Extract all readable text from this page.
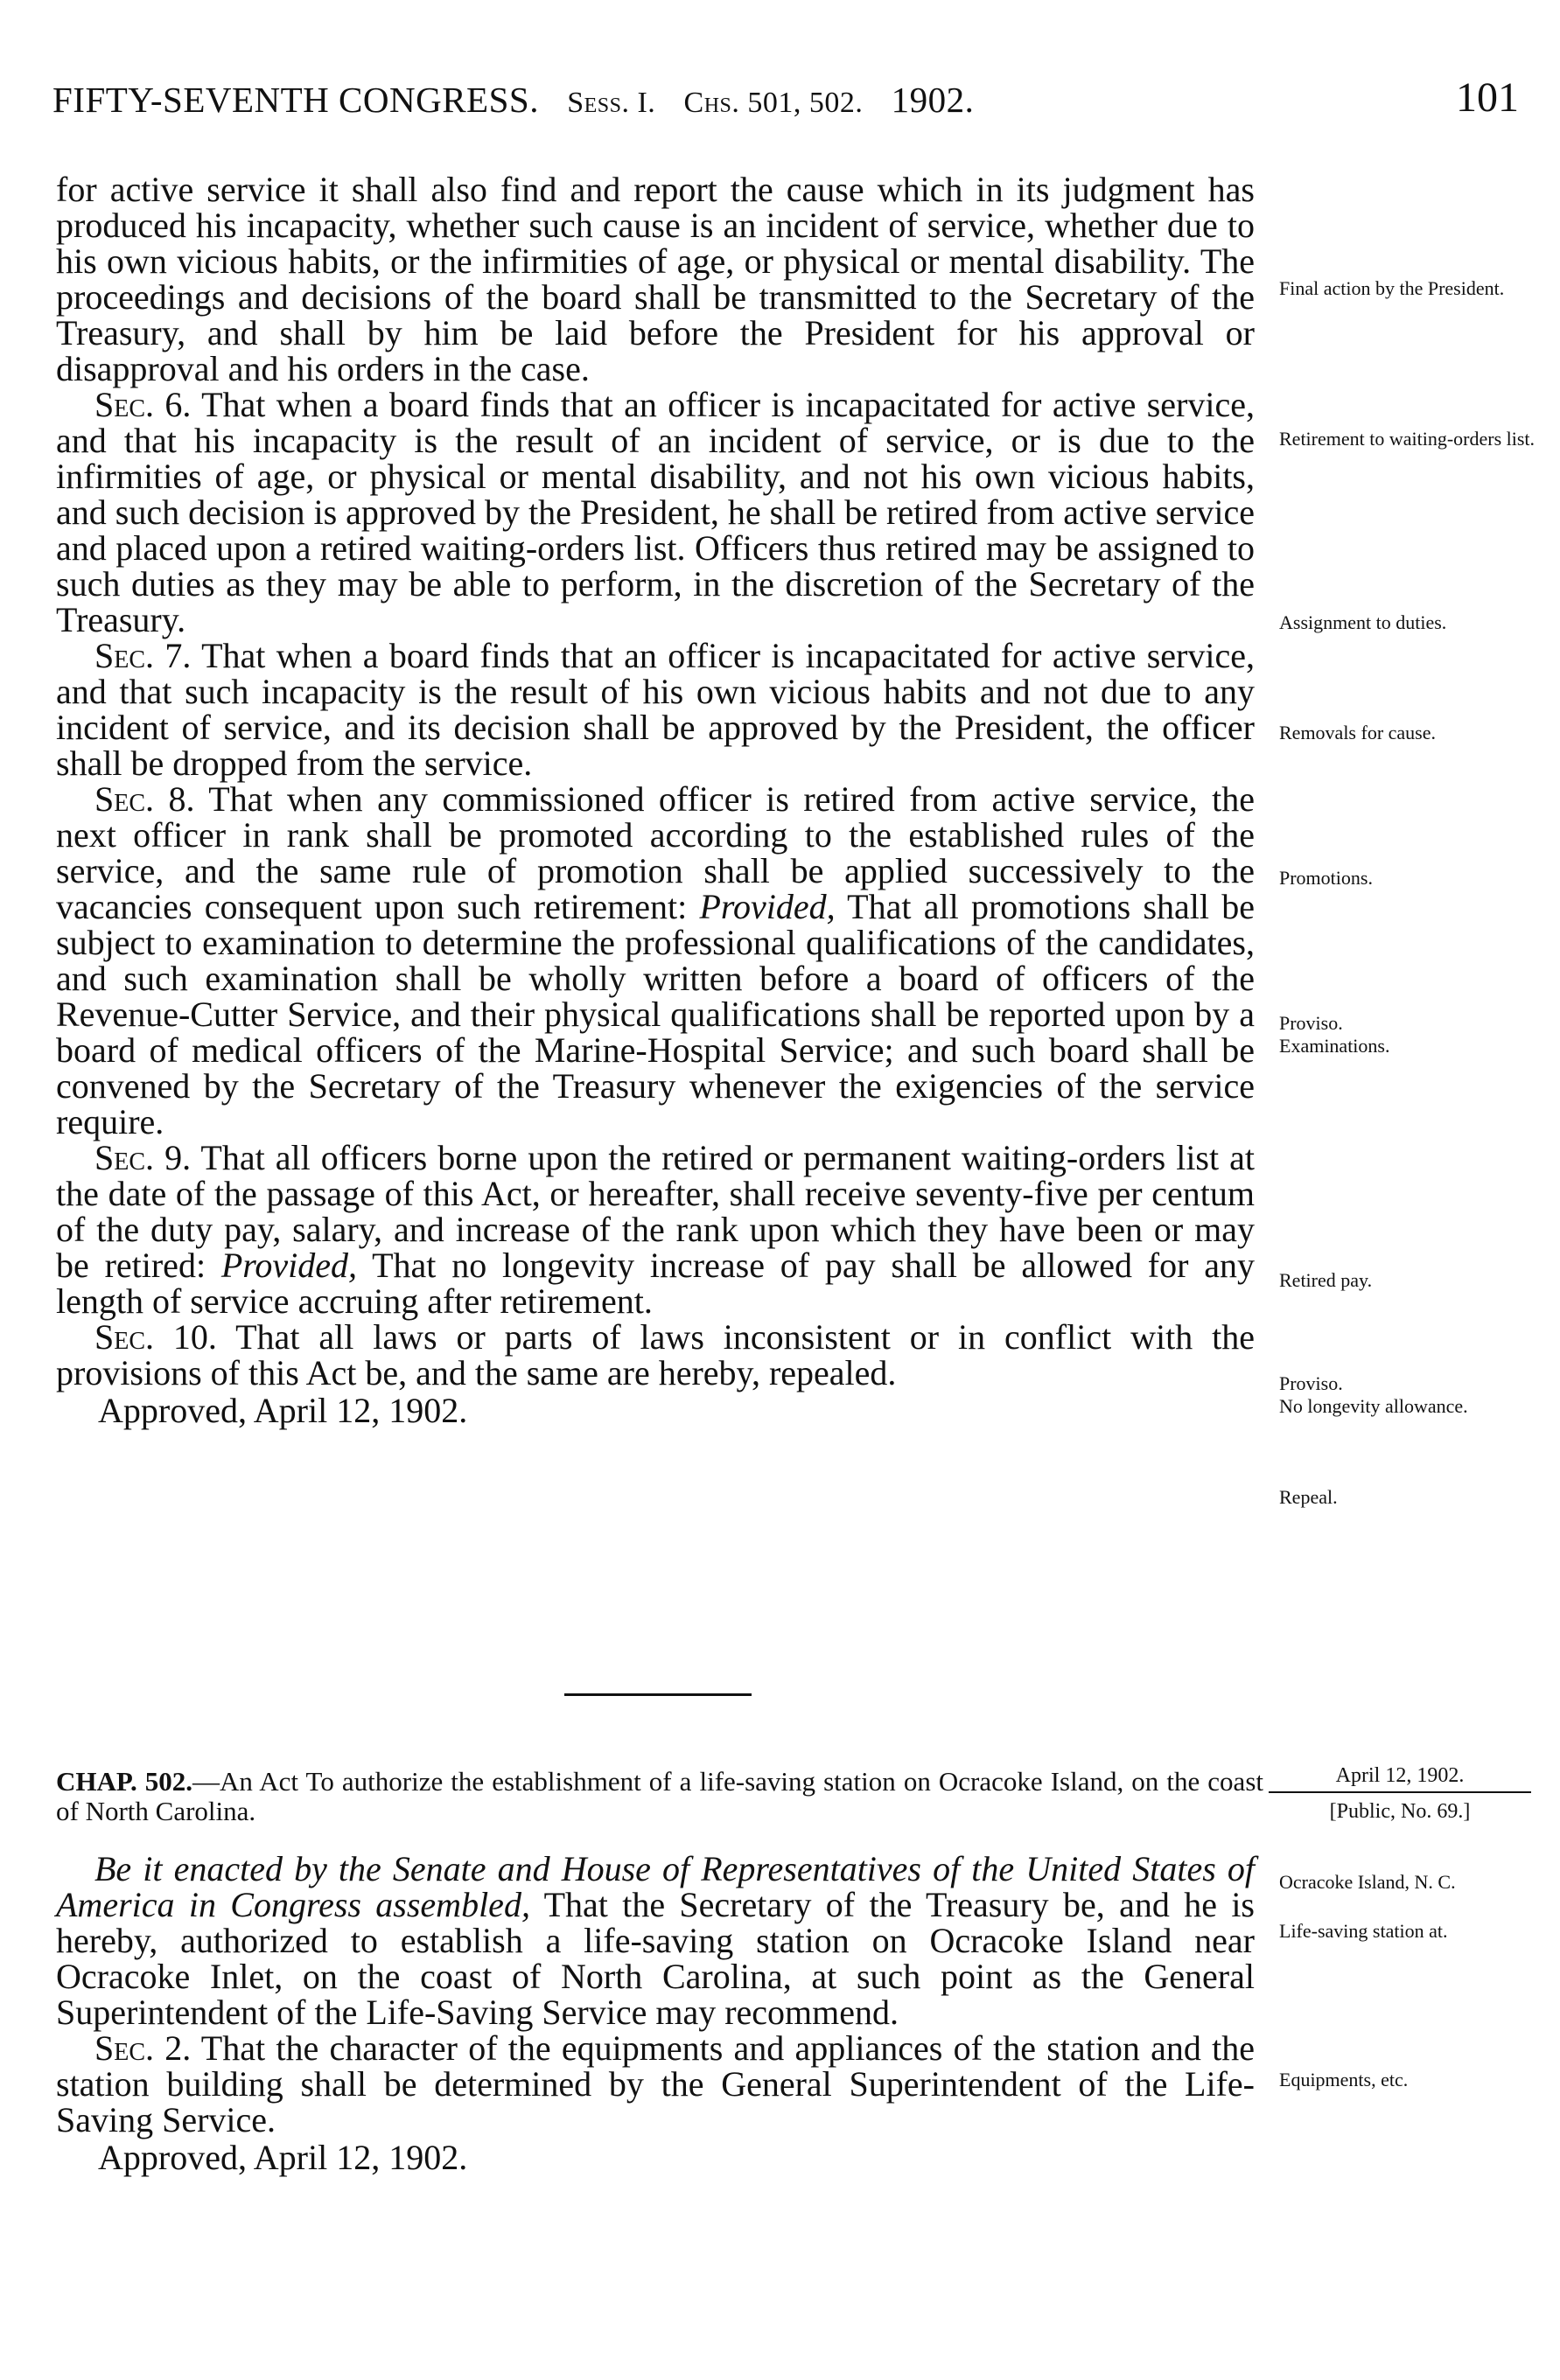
FIFTY-SEVENTH CONGRESS. Sess. I. Chs. 501, 502. 1902.	101

for active service it shall also find and report the cause which in its judgment has produced his incapacity, whether such cause is an incident of service, whether due to his own vicious habits, or the infirmities of age, or physical or mental disability. The proceedings and decisions of the board shall be transmitted to the Secretary of the Treasury, and shall by him be laid before the President for his approval or disapproval and his orders in the case.

Sec. 6. That when a board finds that an officer is incapacitated for active service, and that his incapacity is the result of an incident of service, or is due to the infirmities of age, or physical or mental disability, and not his own vicious habits, and such decision is approved by the President, he shall be retired from active service and placed upon a retired waiting-orders list. Officers thus retired may be assigned to such duties as they may be able to perform, in the discretion of the Secretary of the Treasury.

Sec. 7. That when a board finds that an officer is incapacitated for active service, and that such incapacity is the result of his own vicious habits and not due to any incident of service, and its decision shall be approved by the President, the officer shall be dropped from the service.

Sec. 8. That when any commissioned officer is retired from active service, the next officer in rank shall be promoted according to the established rules of the service, and the same rule of promotion shall be applied successively to the vacancies consequent upon such retirement: Provided, That all promotions shall be subject to examination to determine the professional qualifications of the candidates, and such examination shall be wholly written before a board of officers of the Revenue-Cutter Service, and their physical qualifications shall be reported upon by a board of medical officers of the Marine-Hospital Service; and such board shall be convened by the Secretary of the Treasury whenever the exigencies of the service require.

Sec. 9. That all officers borne upon the retired or permanent waiting-orders list at the date of the passage of this Act, or hereafter, shall receive seventy-five per centum of the duty pay, salary, and increase of the rank upon which they have been or may be retired: Provided, That no longevity increase of pay shall be allowed for any length of service accruing after retirement.

Sec. 10. That all laws or parts of laws inconsistent or in conflict with the provisions of this Act be, and the same are hereby, repealed.

Approved, April 12, 1902.

Final action by the President.
Retirement to waiting-orders list.
Assignment to duties.
Removals for cause.
Promotions.
Proviso.
Examinations.
Retired pay.
Proviso.
No longevity allowance.
Repeal.
Ocracoke Island, N. C.
Life-saving station at.
Equipments, etc.
CHAP. 502.—An Act To authorize the establishment of a life-saving station on Ocracoke Island, on the coast of North Carolina.
April 12, 1902.
[Public, No. 69.]

Be it enacted by the Senate and House of Representatives of the United States of America in Congress assembled, That the Secretary of the Treasury be, and he is hereby, authorized to establish a life-saving station on Ocracoke Island near Ocracoke Inlet, on the coast of North Carolina, at such point as the General Superintendent of the Life-Saving Service may recommend.

Sec. 2. That the character of the equipments and appliances of the station and the station building shall be determined by the General Superintendent of the Life-Saving Service.

Approved, April 12, 1902.
